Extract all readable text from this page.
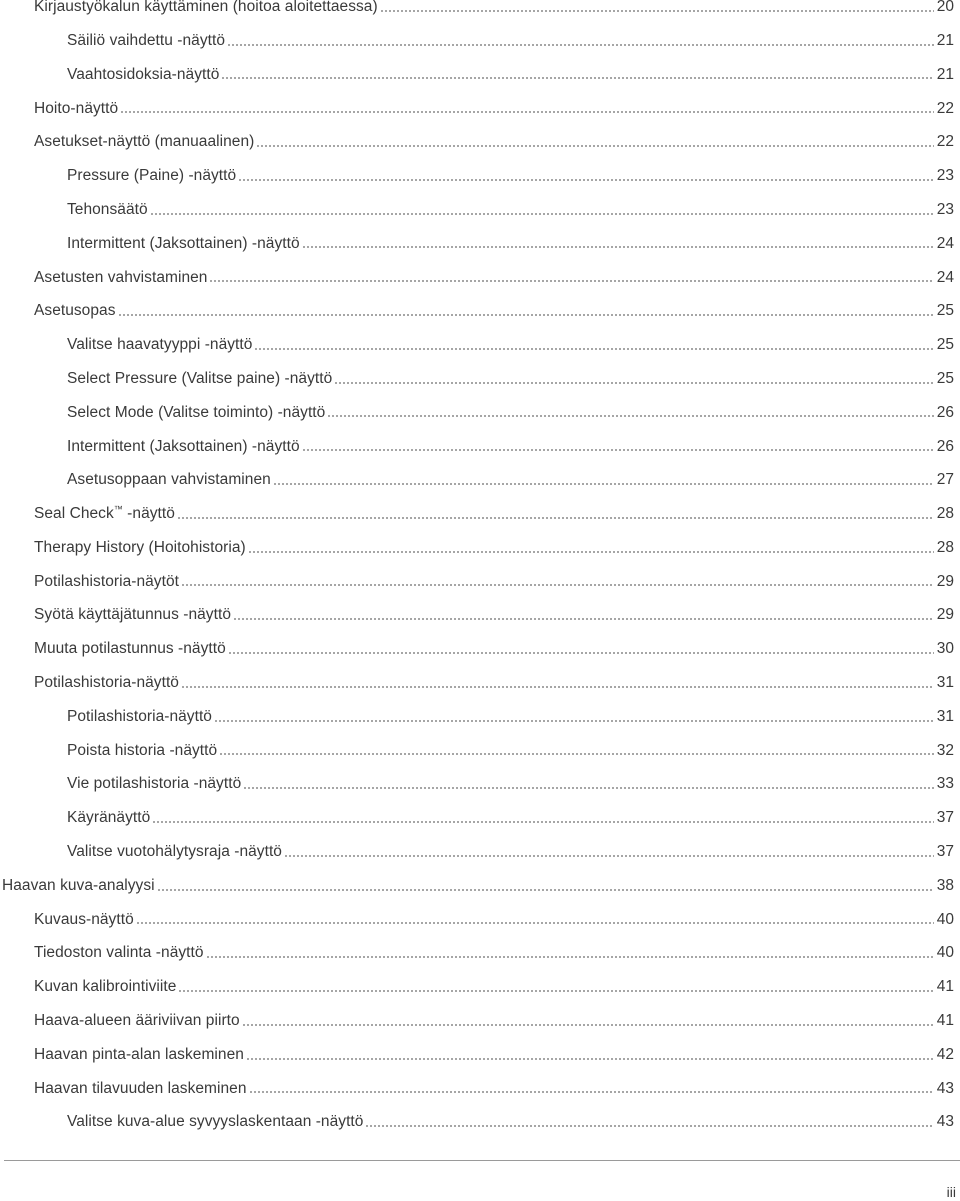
Kirjaustyökalun käyttäminen (hoitoa aloitettaessa)	20
Säiliö vaihdettu -näyttö	21
Vaahtosidoksia-näyttö	21
Hoito-näyttö	22
Asetukset-näyttö (manuaalinen)	22
Pressure (Paine) -näyttö	23
Tehonsäätö	23
Intermittent (Jaksottainen) -näyttö	24
Asetusten vahvistaminen	24
Asetusopas	25
Valitse haavatyyppi -näyttö	25
Select Pressure (Valitse paine) -näyttö	25
Select Mode (Valitse toiminto) -näyttö	26
Intermittent (Jaksottainen) -näyttö	26
Asetusoppaan vahvistaminen	27
Seal Check™ -näyttö	28
Therapy History (Hoitohistoria)	28
Potilashistoria-näytöt	29
Syötä käyttäjätunnus -näyttö	29
Muuta potilastunnus -näyttö	30
Potilashistoria-näyttö	31
Potilashistoria-näyttö	31
Poista historia -näyttö	32
Vie potilashistoria -näyttö	33
Käyränäyttö	37
Valitse vuotohälytysraja -näyttö	37
Haavan kuva-analyysi	38
Kuvaus-näyttö	40
Tiedoston valinta -näyttö	40
Kuvan kalibrointiviite	41
Haava-alueen ääriviivan piirto	41
Haavan pinta-alan laskeminen	42
Haavan tilavuuden laskeminen	43
Valitse kuva-alue syvyyslaskentaan -näyttö	43
iii
